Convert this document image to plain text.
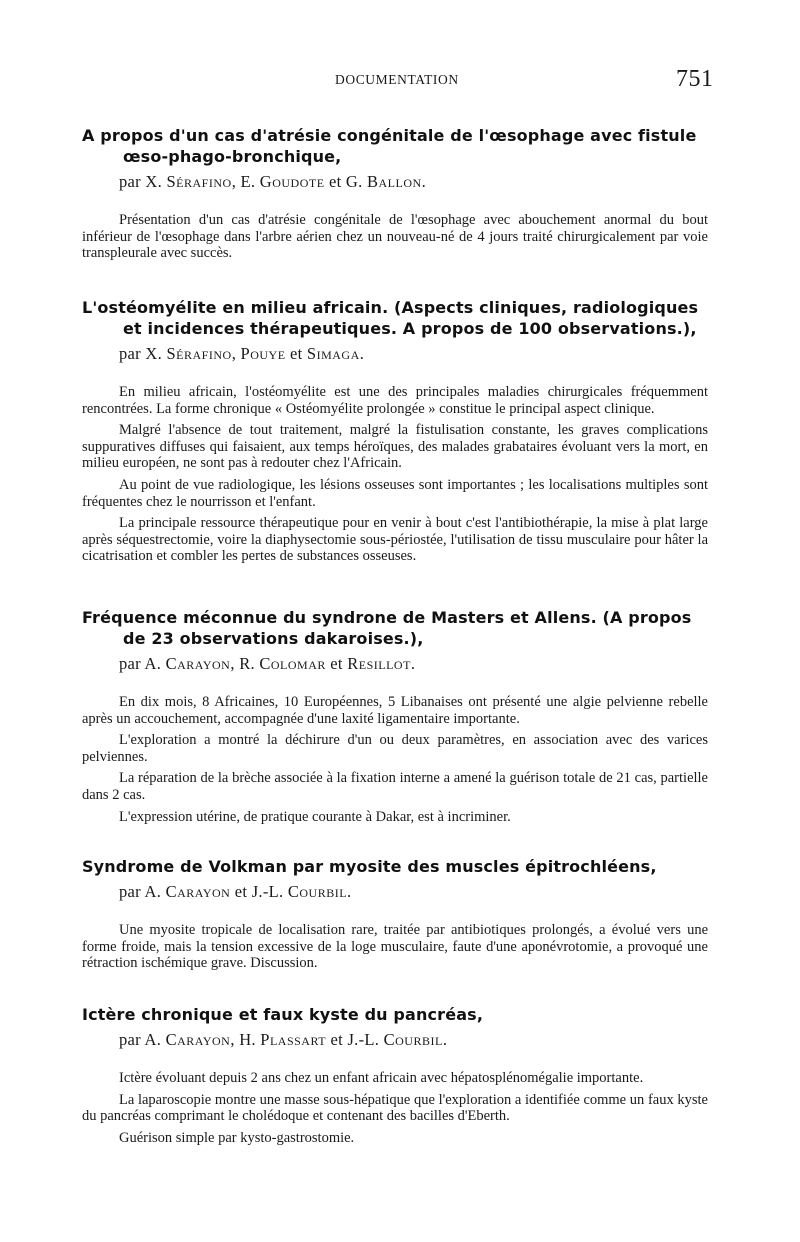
DOCUMENTATION	751
A propos d'un cas d'atrésie congénitale de l'œsophage avec fistule œso-phago-bronchique,
par X. Sérafino, E. Goudote et G. Ballon.

Présentation d'un cas d'atrésie congénitale de l'œsophage avec abouchement anormal du bout inférieur de l'œsophage dans l'arbre aérien chez un nouveau-né de 4 jours traité chirurgicalement par voie transpleurale avec succès.

L'ostéomyélite en milieu africain. (Aspects cliniques, radiologiques et incidences thérapeutiques. A propos de 100 observations.),
par X. Sérafino, Pouye et Simaga.

En milieu africain, l'ostéomyélite est une des principales maladies chirurgicales fréquemment rencontrées. La forme chronique « Ostéomyélite prolongée » constitue le principal aspect clinique.

Malgré l'absence de tout traitement, malgré la fistulisation constante, les graves complications suppuratives diffuses qui faisaient, aux temps héroïques, des malades grabataires évoluant vers la mort, en milieu européen, ne sont pas à redouter chez l'Africain.

Au point de vue radiologique, les lésions osseuses sont importantes ; les localisations multiples sont fréquentes chez le nourrisson et l'enfant.

La principale ressource thérapeutique pour en venir à bout c'est l'antibiothérapie, la mise à plat large après séquestrectomie, voire la diaphysectomie sous-périostée, l'utilisation de tissu musculaire pour hâter la cicatrisation et combler les pertes de substances osseuses.

Fréquence méconnue du syndrone de Masters et Allens. (A propos de 23 observations dakaroises.),
par A. Carayon, R. Colomar et Resillot.

En dix mois, 8 Africaines, 10 Européennes, 5 Libanaises ont présenté une algie pelvienne rebelle après un accouchement, accompagnée d'une laxité ligamentaire importante.

L'exploration a montré la déchirure d'un ou deux paramètres, en association avec des varices pelviennes.

La réparation de la brèche associée à la fixation interne a amené la guérison totale de 21 cas, partielle dans 2 cas.

L'expression utérine, de pratique courante à Dakar, est à incriminer.

Syndrome de Volkman par myosite des muscles épitrochléens,
par A. Carayon et J.-L. Courbil.

Une myosite tropicale de localisation rare, traitée par antibiotiques prolongés, a évolué vers une forme froide, mais la tension excessive de la loge musculaire, faute d'une aponévrotomie, a provoqué une rétraction ischémique grave. Discussion.

Ictère chronique et faux kyste du pancréas,
par A. Carayon, H. Plassart et J.-L. Courbil.

Ictère évoluant depuis 2 ans chez un enfant africain avec hépatosplénomégalie importante.

La laparoscopie montre une masse sous-hépatique que l'exploration a identifiée comme un faux kyste du pancréas comprimant le cholédoque et contenant des bacilles d'Eberth.

Guérison simple par kysto-gastrostomie.
